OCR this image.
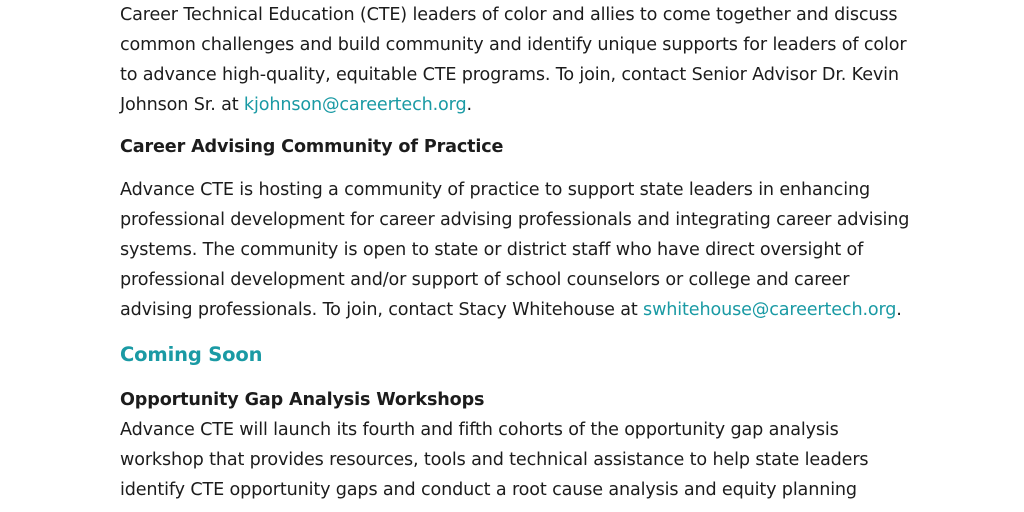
Career Technical Education (CTE) leaders of color and allies to come together and discuss
common challenges and build community and identify unique supports for leaders of color
to advance high-quality, equitable CTE programs. To join, contact Senior Advisor Dr. Kevin
Johnson Sr. at kjohnson@careertech.org.
Career Advising Community of Practice
Advance CTE is hosting a community of practice to support state leaders in enhancing
professional development for career advising professionals and integrating career advising
systems. The community is open to state or district staff who have direct oversight of
professional development and/or support of school counselors or college and career
advising professionals. To join, contact Stacy Whitehouse at swhitehouse@careertech.org.
Coming Soon
Opportunity Gap Analysis Workshops
Advance CTE will launch its fourth and fifth cohorts of the opportunity gap analysis
workshop that provides resources, tools and technical assistance to help state leaders
identify CTE opportunity gaps and conduct a root cause analysis and equity planning
